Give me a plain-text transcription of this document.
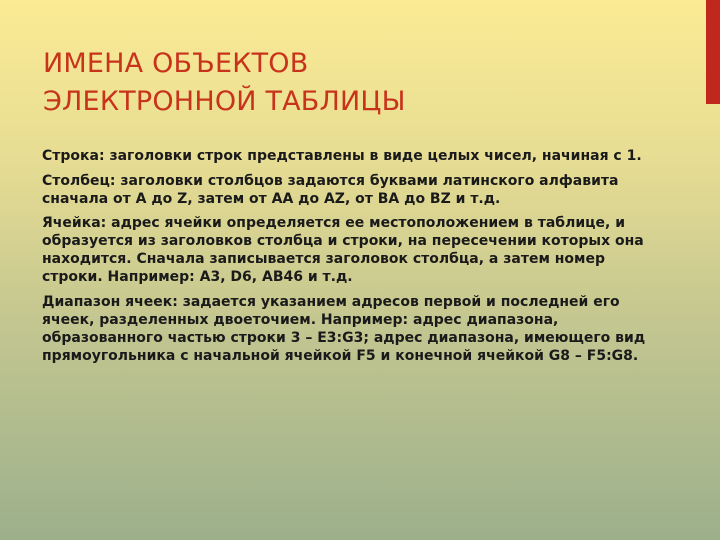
ИМЕНА ОБЪЕКТОВ
ЭЛЕКТРОННОЙ ТАБЛИЦЫ

Строка: заголовки строк представлены в виде целых чисел, начиная с 1.

Столбец: заголовки столбцов задаются буквами латинского алфавита сначала от А до Z, затем от АА до AZ, от ВА до BZ и т.д.

Ячейка: адрес ячейки определяется ее местоположением в таблице, и образуется из заголовков столбца и строки, на пересечении которых она находится. Сначала записывается заголовок столбца, а затем номер строки. Например: A3, D6, AB46 и т.д.

Диапазон ячеек: задается указанием адресов первой и последней его ячеек, разделенных двоеточием. Например: адрес диапазона, образованного частью строки 3 – E3:G3; адрес диапазона, имеющего вид прямоугольника с начальной ячейкой F5 и конечной ячейкой G8 – F5:G8.
